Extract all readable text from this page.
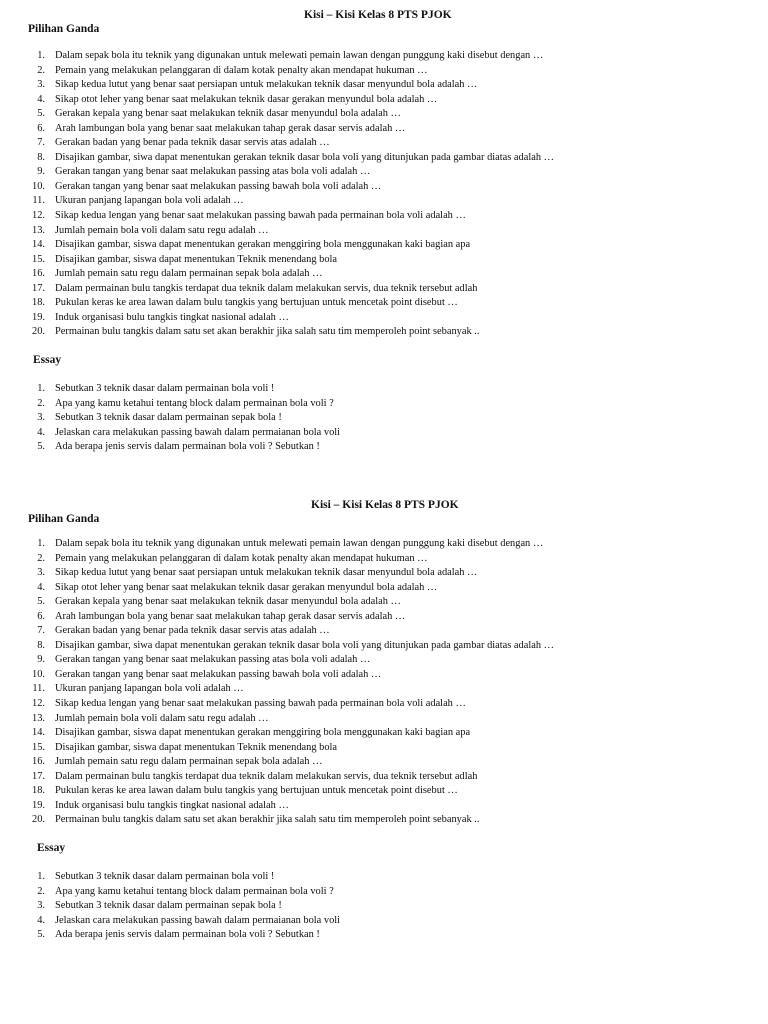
Kisi – Kisi Kelas 8 PTS PJOK
Pilihan Ganda
1 .	Dalam sepak bola itu teknik yang digunakan untuk melewati pemain lawan dengan punggung kaki disebut dengan …
2 .	Pemain yang melakukan pelanggaran di dalam kotak penalty akan mendapat hukuman …
3 .	Sikap kedua lutut yang benar saat persiapan untuk melakukan teknik dasar menyundul bola adalah …
4 .	Sikap otot leher yang benar saat melakukan teknik dasar gerakan menyundul bola adalah …
5 .	Gerakan kepala yang benar saat melakukan teknik dasar menyundul bola adalah …
6 .	Arah lambungan bola yang benar saat melakukan tahap gerak dasar servis adalah …
7 .	Gerakan badan yang benar pada teknik dasar servis atas adalah …
8 .	Disajikan gambar, siwa dapat menentukan gerakan teknik dasar bola voli yang ditunjukan pada gambar diatas adalah …
9 .	Gerakan tangan yang benar saat melakukan passing atas bola voli adalah …
10 .	Gerakan tangan yang benar saat melakukan passing bawah bola voli adalah …
11 .	Ukuran panjang lapangan bola voli adalah …
12 .	Sikap kedua lengan yang benar saat melakukan passing bawah pada permainan bola voli adalah …
13 .	Jumlah pemain bola voli dalam satu regu adalah …
14 .	Disajikan gambar, siswa dapat menentukan gerakan menggiring bola menggunakan kaki bagian apa
15 .	Disajikan gambar, siswa dapat menentukan Teknik menendang bola
16 .	Jumlah pemain satu regu dalam permainan sepak bola adalah …
17 .	Dalam permainan bulu tangkis terdapat dua teknik dalam melakukan servis, dua teknik tersebut adlah
18 .	Pukulan keras ke area lawan dalam bulu tangkis yang bertujuan untuk mencetak point disebut …
19 .	Induk organisasi bulu tangkis tingkat nasional adalah …
20 .	Permainan bulu tangkis dalam satu set akan berakhir jika salah satu tim memperoleh point sebanyak ..
Essay
1 .	Sebutkan 3 teknik dasar dalam permainan bola voli !
2 .	Apa yang kamu ketahui tentang block dalam permainan bola voli ?
3 .	Sebutkan 3 teknik dasar dalam permainan sepak bola !
4 .	Jelaskan cara melakukan passing bawah dalam permaianan bola voli
5 .	Ada berapa jenis servis dalam permainan bola voli ? Sebutkan !
Kisi – Kisi Kelas 8 PTS PJOK
Pilihan Ganda
1 .	Dalam sepak bola itu teknik yang digunakan untuk melewati pemain lawan dengan punggung kaki disebut dengan …
2 .	Pemain yang melakukan pelanggaran di dalam kotak penalty akan mendapat hukuman …
3 .	Sikap kedua lutut yang benar saat persiapan untuk melakukan teknik dasar menyundul bola adalah …
4 .	Sikap otot leher yang benar saat melakukan teknik dasar gerakan menyundul bola adalah …
5 .	Gerakan kepala yang benar saat melakukan teknik dasar menyundul bola adalah …
6 .	Arah lambungan bola yang benar saat melakukan tahap gerak dasar servis adalah …
7 .	Gerakan badan yang benar pada teknik dasar servis atas adalah …
8 .	Disajikan gambar, siwa dapat menentukan gerakan teknik dasar bola voli yang ditunjukan pada gambar diatas adalah …
9 .	Gerakan tangan yang benar saat melakukan passing atas bola voli adalah …
10 .	Gerakan tangan yang benar saat melakukan passing bawah bola voli adalah …
11 .	Ukuran panjang lapangan bola voli adalah …
12 .	Sikap kedua lengan yang benar saat melakukan passing bawah pada permainan bola voli adalah …
13 .	Jumlah pemain bola voli dalam satu regu adalah …
14 .	Disajikan gambar, siswa dapat menentukan gerakan menggiring bola menggunakan kaki bagian apa
15 .	Disajikan gambar, siswa dapat menentukan Teknik menendang bola
16 .	Jumlah pemain satu regu dalam permainan sepak bola adalah …
17 .	Dalam permainan bulu tangkis terdapat dua teknik dalam melakukan servis, dua teknik tersebut adlah
18 .	Pukulan keras ke area lawan dalam bulu tangkis yang bertujuan untuk mencetak point disebut …
19 .	Induk organisasi bulu tangkis tingkat nasional adalah …
20 .	Permainan bulu tangkis dalam satu set akan berakhir jika salah satu tim memperoleh point sebanyak ..
Essay
1 .	Sebutkan 3 teknik dasar dalam permainan bola voli !
2 .	Apa yang kamu ketahui tentang block dalam permainan bola voli ?
3 .	Sebutkan 3 teknik dasar dalam permainan sepak bola !
4 .	Jelaskan cara melakukan passing bawah dalam permaianan bola voli
5 .	Ada berapa jenis servis dalam permainan bola voli ? Sebutkan !
